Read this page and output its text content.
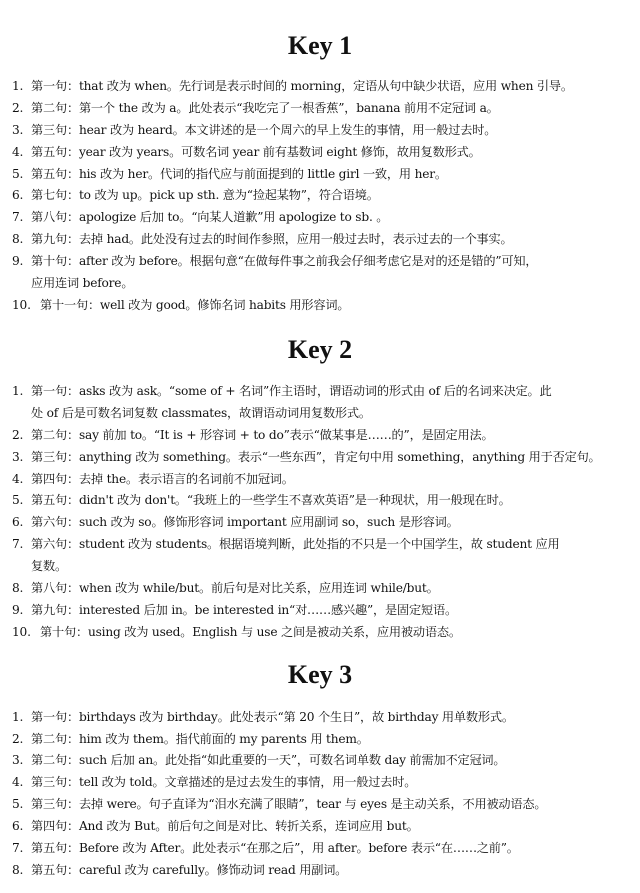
Key 1
1. 第一句：that 改为 when。先行词是表示时间的 morning，定语从句中缺少状语，应用 when 引导。
2. 第二句：第一个 the 改为 a。此处表示“我吃完了一根香蕉”，banana 前用不定冠词 a。
3. 第三句：hear 改为 heard。本文讲述的是一个周六的早上发生的事情，用一般过去时。
4. 第五句：year 改为 years。可数名词 year 前有基数词 eight 修饰，故用复数形式。
5. 第五句：his 改为 her。代词的指代应与前面提到的 little girl 一致，用 her。
6. 第七句：to 改为 up。pick up sth. 意为“捡起某物”，符合语境。
7. 第八句：apologize 后加 to。“向某人道歉”用 apologize to sb. 。
8. 第九句：去掉 had。此处没有过去的时间作参照，应用一般过去时，表示过去的一个事实。
9. 第十句：after 改为 before。根据句意“在做每件事之前我会仔细考虑它是对的还是错的”可知，
应用连词 before。
10. 第十一句：well 改为 good。修饰名词 habits 用形容词。
Key 2
1. 第一句：asks 改为 ask。“some of + 名词”作主语时，谓语动词的形式由 of 后的名词来决定。此
处 of 后是可数名词复数 classmates，故谓语动词用复数形式。
2. 第二句：say 前加 to。“It is + 形容词 + to do”表示“做某事是……的”，是固定用法。
3. 第三句：anything 改为 something。表示“一些东西”，肯定句中用 something，anything 用于否定句。
4. 第四句：去掉 the。表示语言的名词前不加冠词。
5. 第五句：didn't 改为 don't。“我班上的一些学生不喜欢英语”是一种现状，用一般现在时。
6. 第六句：such 改为 so。修饰形容词 important 应用副词 so，such 是形容词。
7. 第六句：student 改为 students。根据语境判断，此处指的不只是一个中国学生，故 student 应用
复数。
8. 第八句：when 改为 while/but。前后句是对比关系，应用连词 while/but。
9. 第九句：interested 后加 in。be interested in“对……感兴趣”，是固定短语。
10. 第十句：using 改为 used。English 与 use 之间是被动关系，应用被动语态。
Key 3
1. 第一句：birthdays 改为 birthday。此处表示“第 20 个生日”，故 birthday 用单数形式。
2. 第二句：him 改为 them。指代前面的 my parents 用 them。
3. 第二句：such 后加 an。此处指“如此重要的一天”，可数名词单数 day 前需加不定冠词。
4. 第三句：tell 改为 told。文章描述的是过去发生的事情，用一般过去时。
5. 第三句：去掉 were。句子直译为“泪水充满了眼睛”，tear 与 eyes 是主动关系，不用被动语态。
6. 第四句：And 改为 But。前后句之间是对比、转折关系，连词应用 but。
7. 第五句：Before 改为 After。此处表示“在那之后”，用 after。before 表示“在……之前”。
8. 第五句：careful 改为 carefully。修饰动词 read 用副词。
